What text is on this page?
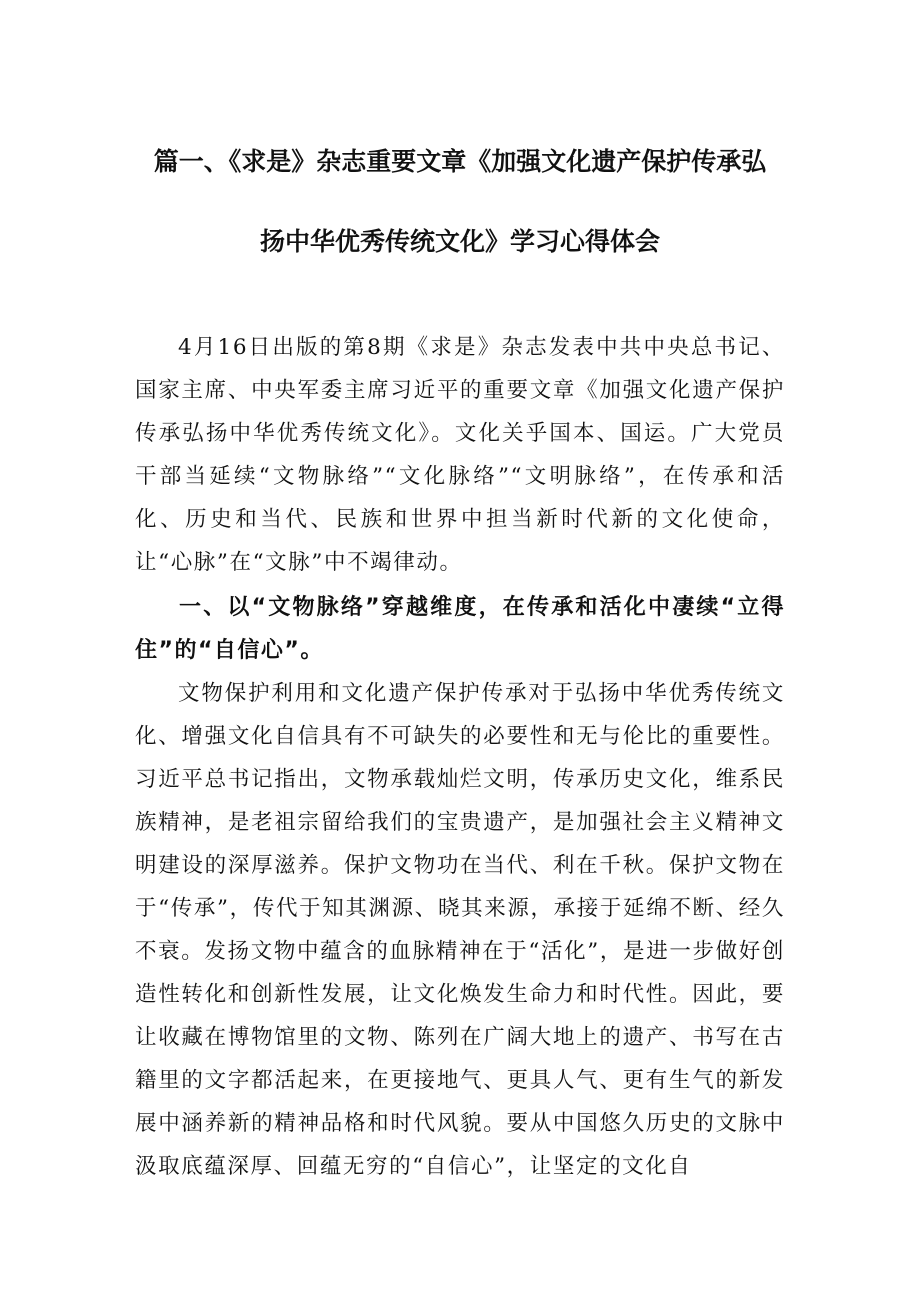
篇一、《求是》杂志重要文章《加强文化遗产保护传承弘
扬中华优秀传统文化》学习心得体会

4月16日出版的第8期《求是》杂志发表中共中央总书记、国家主席、中央军委主席习近平的重要文章《加强文化遗产保护传承弘扬中华优秀传统文化》。文化关乎国本、国运。广大党员干部当延续“文物脉络”“文化脉络”“文明脉络”，在传承和活化、历史和当代、民族和世界中担当新时代新的文化使命，让“心脉”在“文脉”中不竭律动。

一、以“文物脉络”穿越维度，在传承和活化中凄续“立得住”的“自信心”。

文物保护利用和文化遗产保护传承对于弘扬中华优秀传统文化、增强文化自信具有不可缺失的必要性和无与伦比的重要性。习近平总书记指出，文物承载灿烂文明，传承历史文化，维系民族精神，是老祖宗留给我们的宝贵遗产，是加强社会主义精神文明建设的深厚滋养。保护文物功在当代、利在千秋。保护文物在于“传承”，传代于知其渊源、晓其来源，承接于延绵不断、经久不衰。发扬文物中蕴含的血脉精神在于“活化”，是进一步做好创造性转化和创新性发展，让文化焕发生命力和时代性。因此，要让收藏在博物馆里的文物、陈列在广阔大地上的遗产、书写在古籍里的文字都活起来，在更接地气、更具人气、更有生气的新发展中涵养新的精神品格和时代风貌。要从中国悠久历史的文脉中汲取底蕴深厚、回蕴无穷的“自信心”，让坚定的文化自
